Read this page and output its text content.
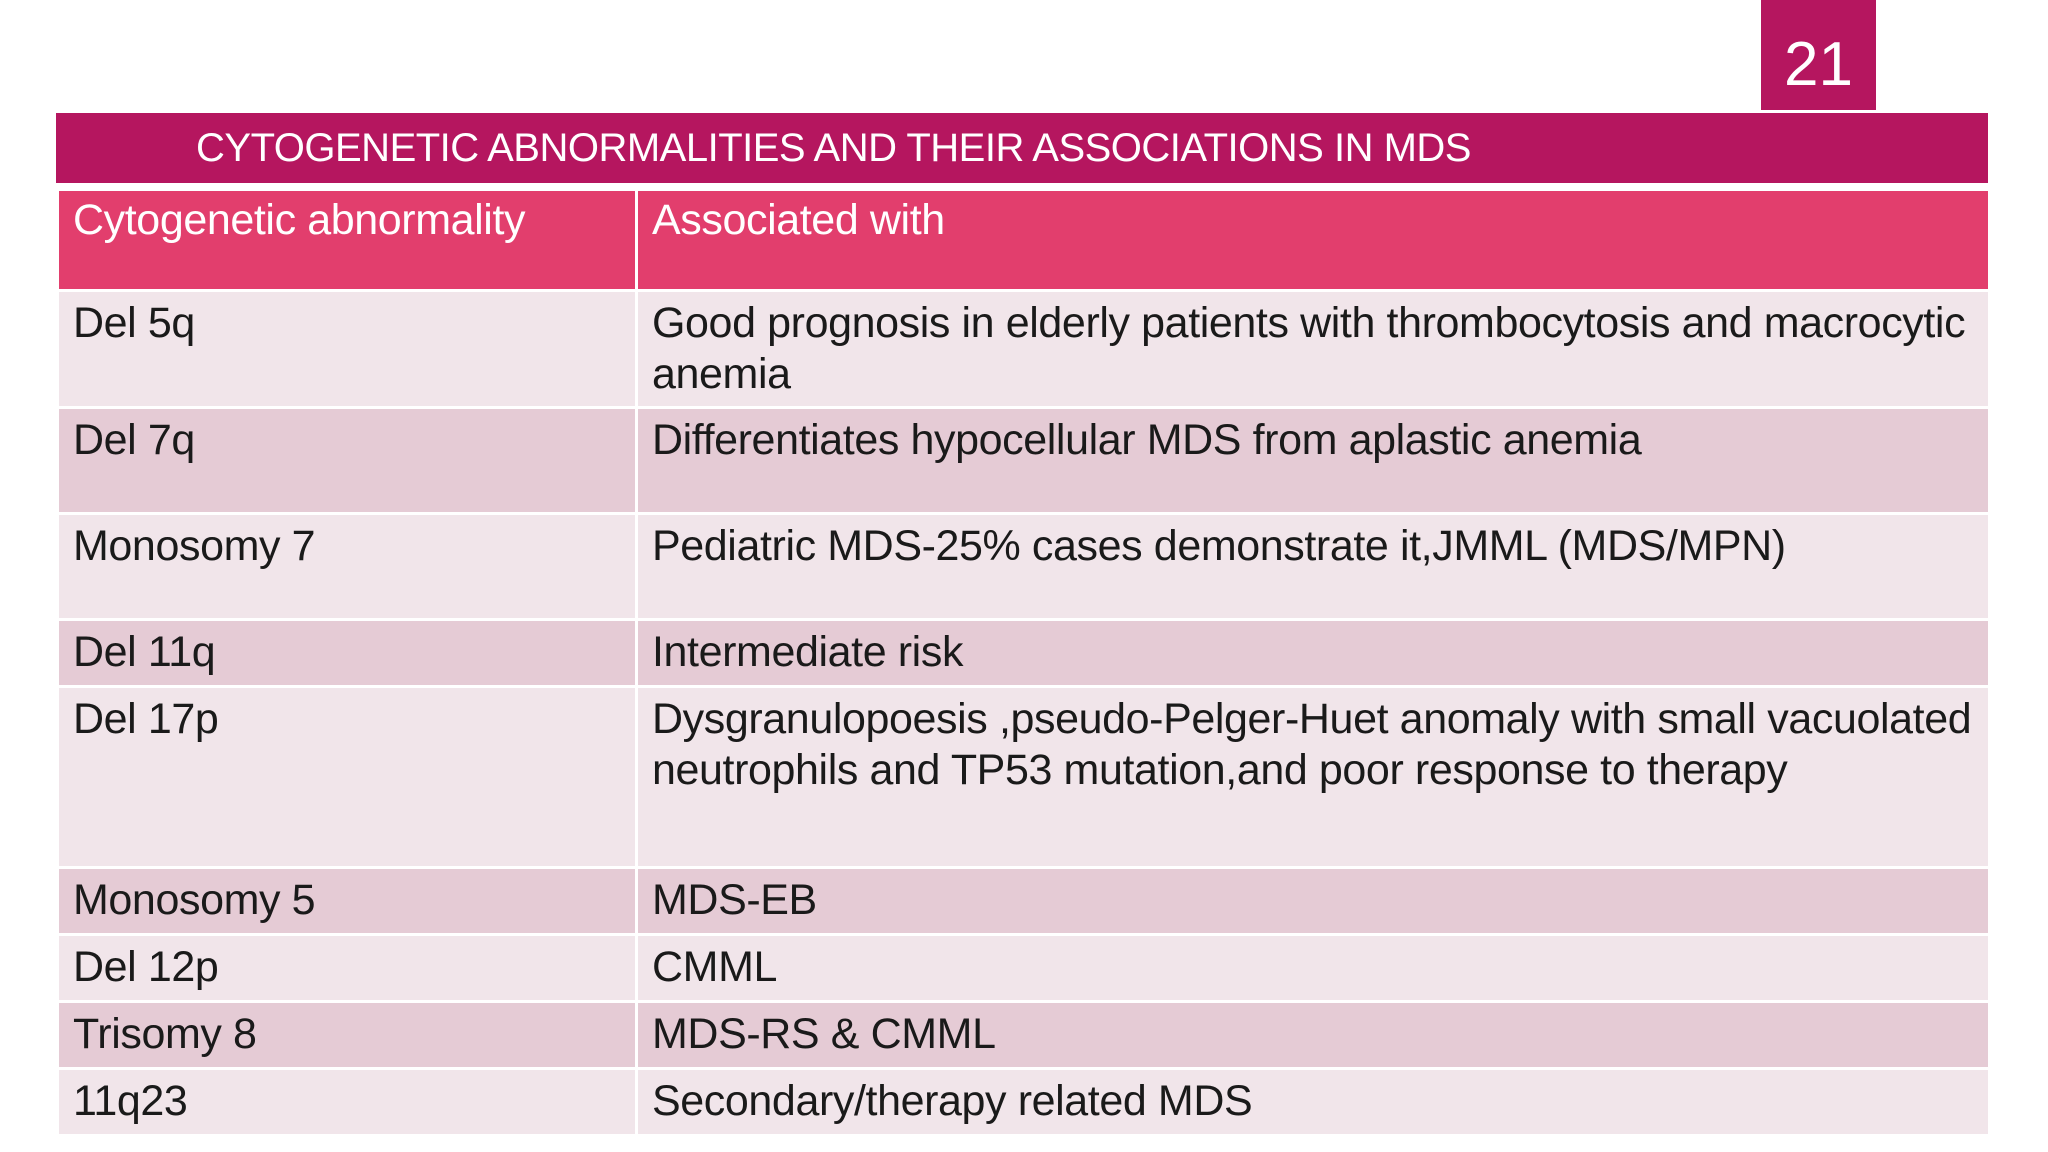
21
CYTOGENETIC ABNORMALITIES AND THEIR ASSOCIATIONS IN MDS
Cytogenetic abnormality	Associated with
Del 5q	Good prognosis in elderly patients with thrombocytosis and macrocytic anemia
Del 7q	Differentiates hypocellular MDS from aplastic anemia
Monosomy 7	Pediatric MDS-25% cases demonstrate it,JMML (MDS/MPN)
Del 11q	Intermediate risk
Del 17p	Dysgranulopoesis ,pseudo-Pelger-Huet anomaly with small vacuolated neutrophils and TP53 mutation,and poor response to therapy
Monosomy 5	MDS-EB
Del 12p	CMML
Trisomy 8	MDS-RS & CMML
11q23	Secondary/therapy related MDS
